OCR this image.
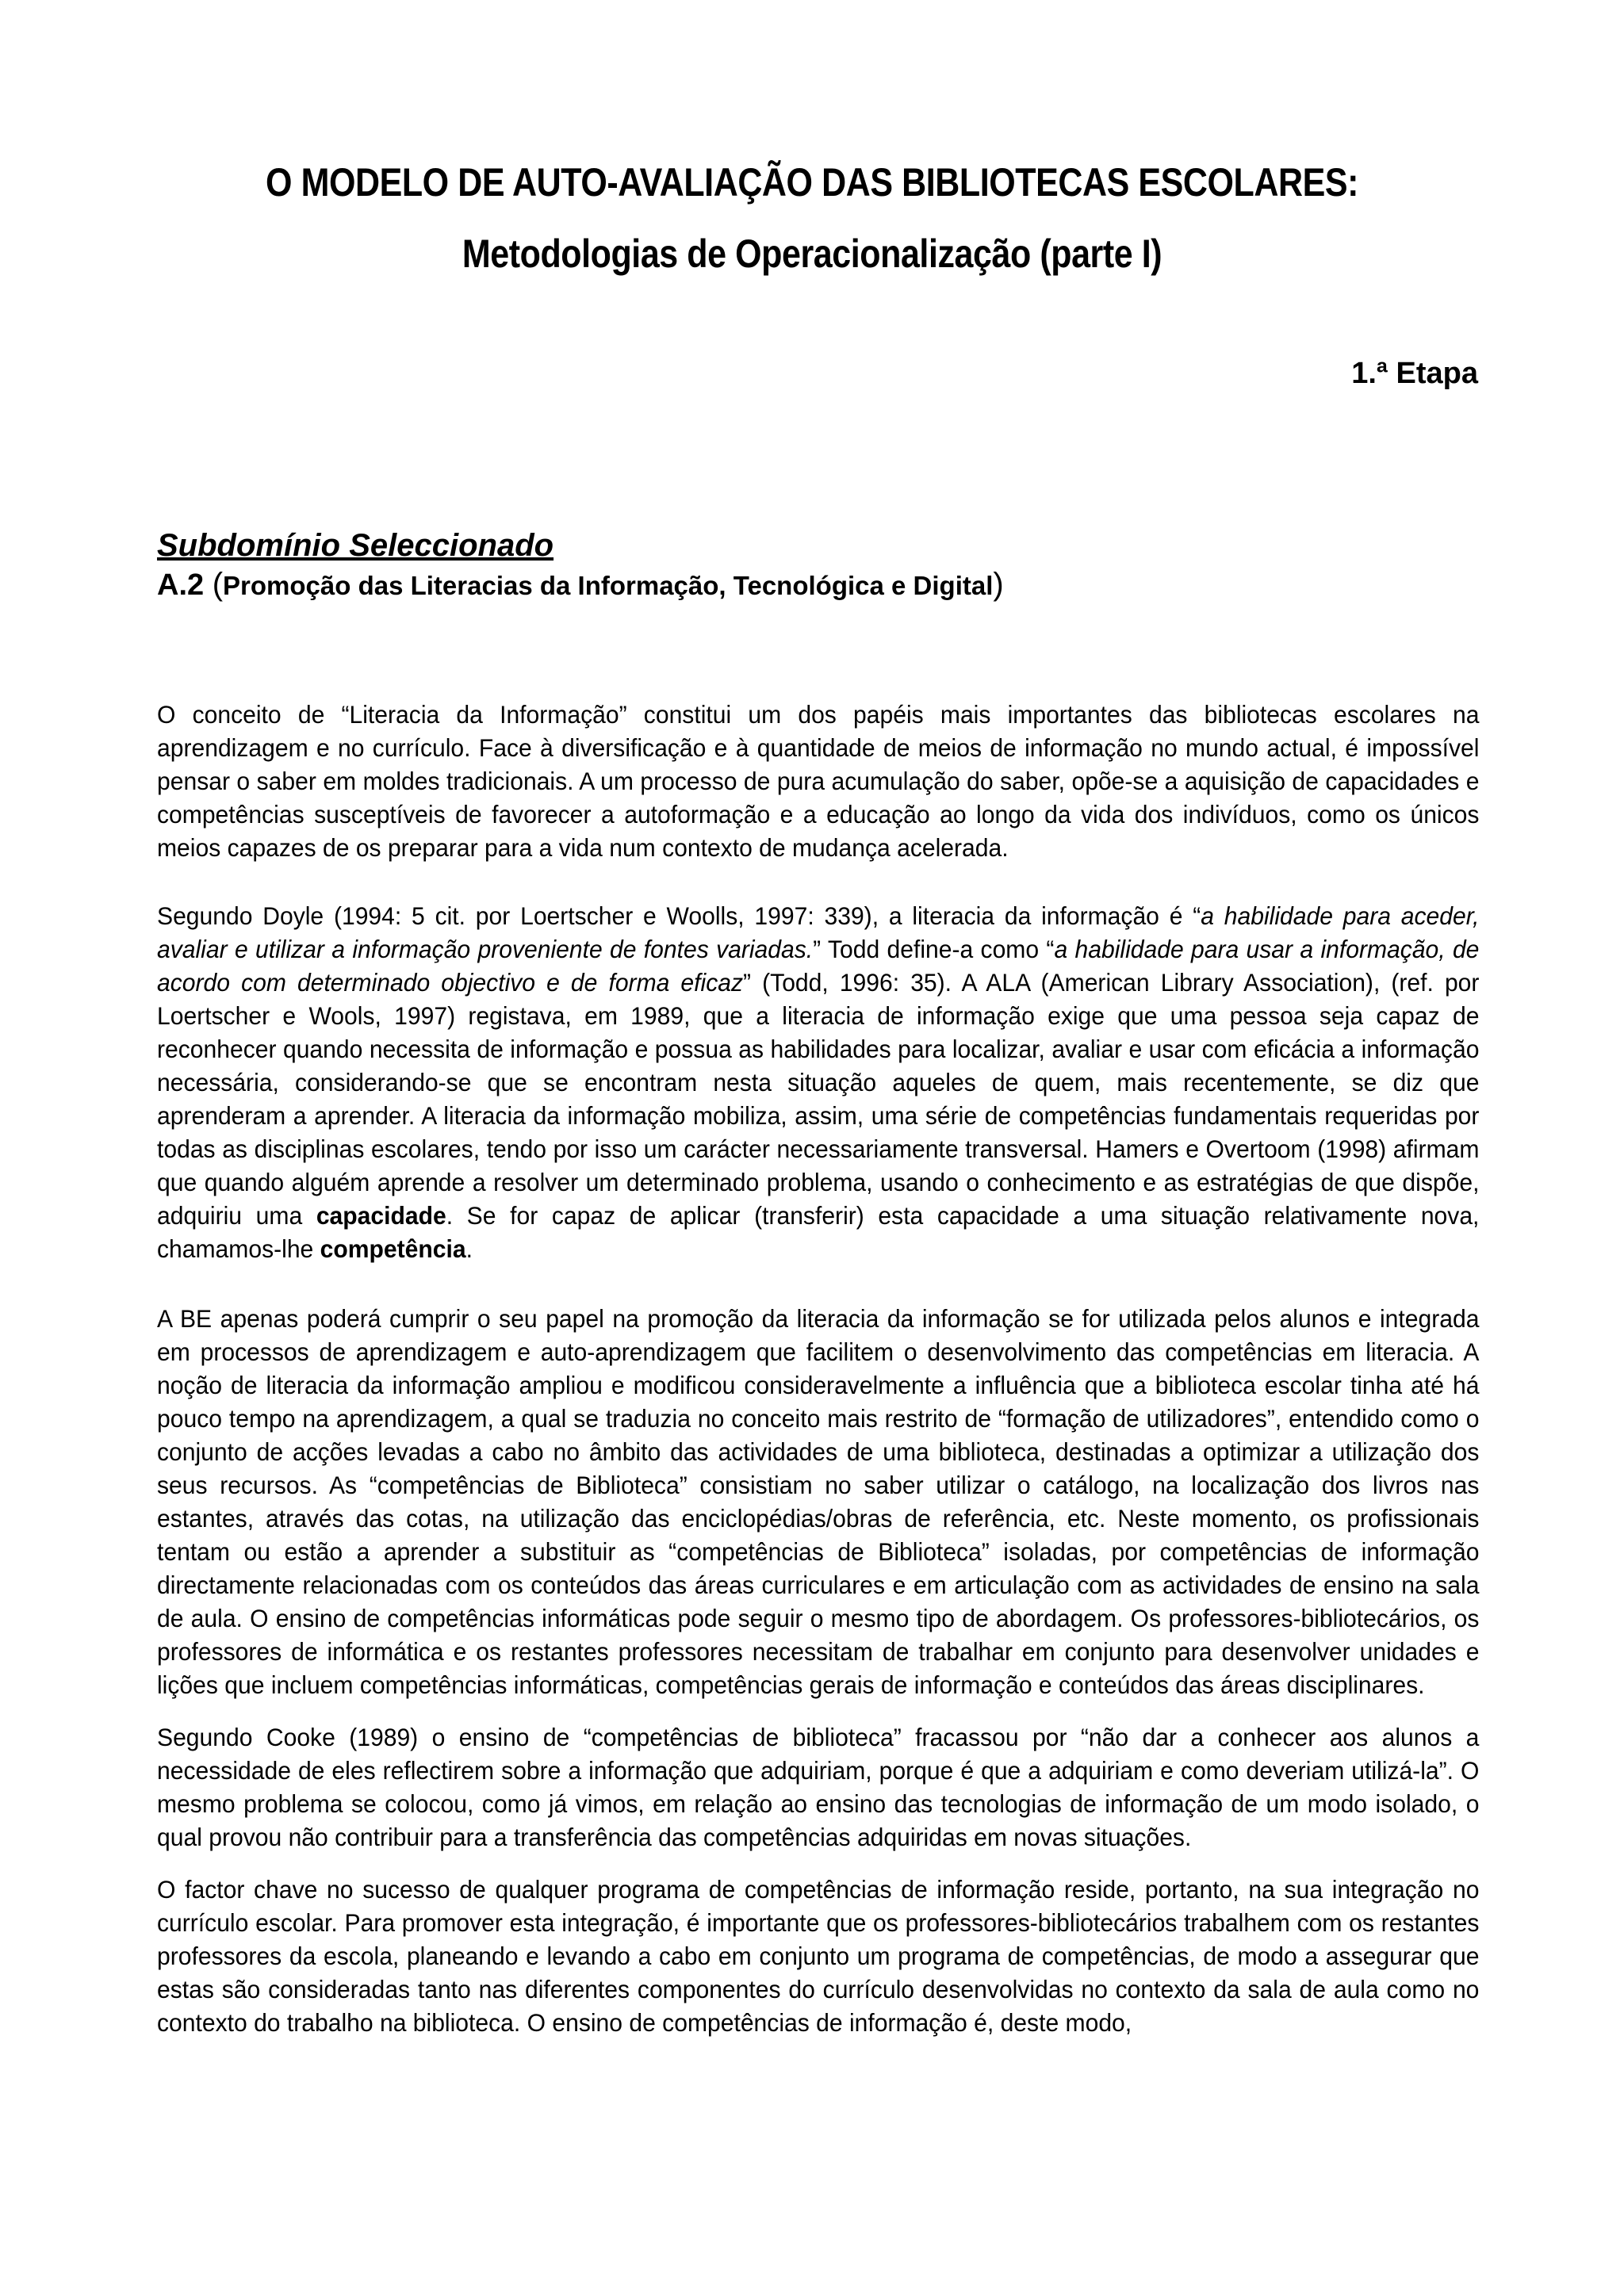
O MODELO DE AUTO-AVALIAÇÃO DAS BIBLIOTECAS ESCOLARES:
Metodologias de Operacionalização (parte I)

1.ª Etapa

Subdomínio Seleccionado

A.2 (Promoção das Literacias da Informação, Tecnológica e Digital)

O conceito de “Literacia da Informação” constitui um dos papéis mais importantes das bibliotecas escolares na aprendizagem e no currículo. Face à diversificação e à quantidade de meios de informação no mundo actual, é impossível pensar o saber em moldes tradicionais. A um processo de pura acumulação do saber, opõe-se a aquisição de capacidades e competências susceptíveis de favorecer a autoformação e a educação ao longo da vida dos indivíduos, como os únicos meios capazes de os preparar para a vida num contexto de mudança acelerada.

Segundo Doyle (1994: 5 cit. por Loertscher e Woolls, 1997: 339), a literacia da informação é “a habilidade para aceder, avaliar e utilizar a informação proveniente de fontes variadas.” Todd define-a como “a habilidade para usar a informação, de acordo com determinado objectivo e de forma eficaz” (Todd, 1996: 35). A ALA (American Library Association), (ref. por Loertscher e Wools, 1997) registava, em 1989, que a literacia de informação exige que uma pessoa seja capaz de reconhecer quando necessita de informação e possua as habilidades para localizar, avaliar e usar com eficácia a informação necessária, considerando-se que se encontram nesta situação aqueles de quem, mais recentemente, se diz que aprenderam a aprender. A literacia da informação mobiliza, assim, uma série de competências fundamentais requeridas por todas as disciplinas escolares, tendo por isso um carácter necessariamente transversal. Hamers e Overtoom (1998) afirmam que quando alguém aprende a resolver um determinado problema, usando o conhecimento e as estratégias de que dispõe, adquiriu uma capacidade. Se for capaz de aplicar (transferir) esta capacidade a uma situação relativamente nova, chamamos-lhe competência.

A BE apenas poderá cumprir o seu papel na promoção da literacia da informação se for utilizada pelos alunos e integrada em processos de aprendizagem e auto-aprendizagem que facilitem o desenvolvimento das competências em literacia. A noção de literacia da informação ampliou e modificou consideravelmente a influência que a biblioteca escolar tinha até há pouco tempo na aprendizagem, a qual se traduzia no conceito mais restrito de “formação de utilizadores”, entendido como o conjunto de acções levadas a cabo no âmbito das actividades de uma biblioteca, destinadas a optimizar a utilização dos seus recursos. As “competências de Biblioteca” consistiam no saber utilizar o catálogo, na localização dos livros nas estantes, através das cotas, na utilização das enciclopédias/obras de referência, etc. Neste momento, os profissionais tentam ou estão a aprender a substituir as “competências de Biblioteca” isoladas, por competências de informação directamente relacionadas com os conteúdos das áreas curriculares e em articulação com as actividades de ensino na sala de aula. O ensino de competências informáticas pode seguir o mesmo tipo de abordagem. Os professores-bibliotecários, os professores de informática e os restantes professores necessitam de trabalhar em conjunto para desenvolver unidades e lições que incluem competências informáticas, competências gerais de informação e conteúdos das áreas disciplinares.

Segundo Cooke (1989) o ensino de “competências de biblioteca” fracassou por “não dar a conhecer aos alunos a necessidade de eles reflectirem sobre a informação que adquiriam, porque é que a adquiriam e como deveriam utilizá-la”. O mesmo problema se colocou, como já vimos, em relação ao ensino das tecnologias de informação de um modo isolado, o qual provou não contribuir para a transferência das competências adquiridas em novas situações.

O factor chave no sucesso de qualquer programa de competências de informação reside, portanto, na sua integração no currículo escolar. Para promover esta integração, é importante que os professores-bibliotecários trabalhem com os restantes professores da escola, planeando e levando a cabo em conjunto um programa de competências, de modo a assegurar que estas são consideradas tanto nas diferentes componentes do currículo desenvolvidas no contexto da sala de aula como no contexto do trabalho na biblioteca. O ensino de competências de informação é, deste modo,
